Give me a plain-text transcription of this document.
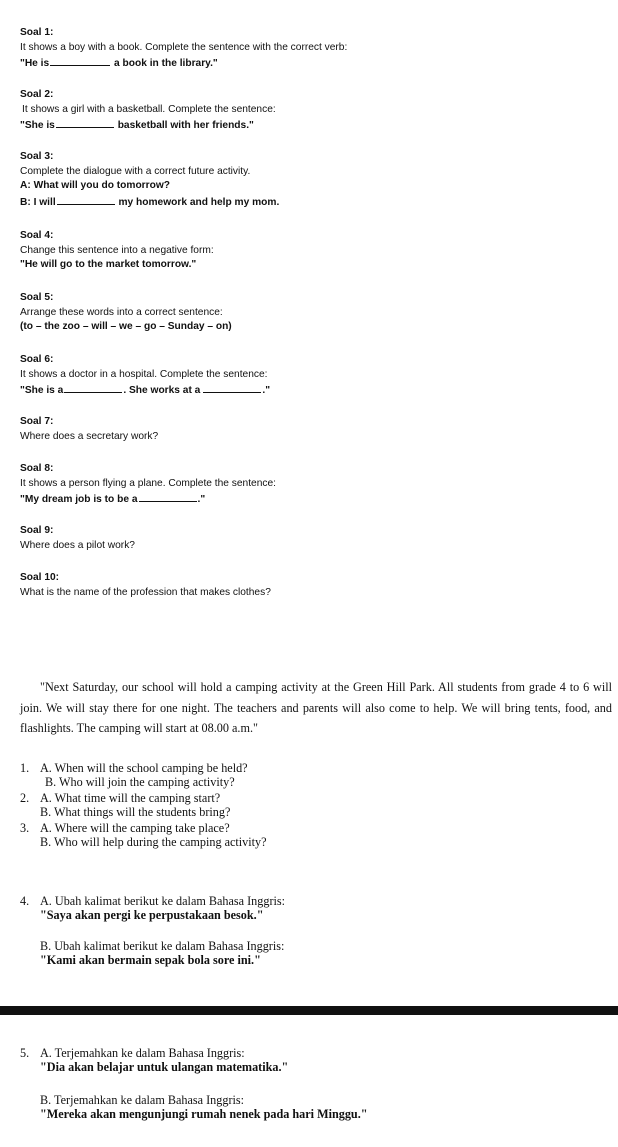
Soal 1:
It shows a boy with a book. Complete the sentence with the correct verb:
"He is	a book in the library."
Soal 2:
It shows a girl with a basketball. Complete the sentence:
"She is	basketball with her friends."
Soal 3:
Complete the dialogue with a correct future activity.
A: What will you do tomorrow?
B: I will	my homework and help my mom.
Soal 4:
Change this sentence into a negative form:
"He will go to the market tomorrow."
Soal 5:
Arrange these words into a correct sentence:
(to – the zoo – will – we – go – Sunday – on)
Soal 6:
It shows a doctor in a hospital. Complete the sentence:
"She is a	. She works at a	."
Soal 7:
Where does a secretary work?
Soal 8:
It shows a person flying a plane. Complete the sentence:
"My dream job is to be a	."
Soal 9:
Where does a pilot work?
Soal 10:
What is the name of the profession that makes clothes?
"Next Saturday, our school will hold a camping activity at the Green Hill Park. All students from grade 4 to 6 will join. We will stay there for one night. The teachers and parents will also come to help. We will bring tents, food, and flashlights. The camping will start at 08.00 a.m."
1. A. When will the school camping be held?
B. Who will join the camping activity?
2. A. What time will the camping start?
B. What things will the students bring?
3. A. Where will the camping take place?
B. Who will help during the camping activity?
4. A. Ubah kalimat berikut ke dalam Bahasa Inggris:
"Saya akan pergi ke perpustakaan besok."
B. Ubah kalimat berikut ke dalam Bahasa Inggris:
"Kami akan bermain sepak bola sore ini."
5. A. Terjemahkan ke dalam Bahasa Inggris:
"Dia akan belajar untuk ulangan matematika."
B. Terjemahkan ke dalam Bahasa Inggris:
"Mereka akan mengunjungi rumah nenek pada hari Minggu."
